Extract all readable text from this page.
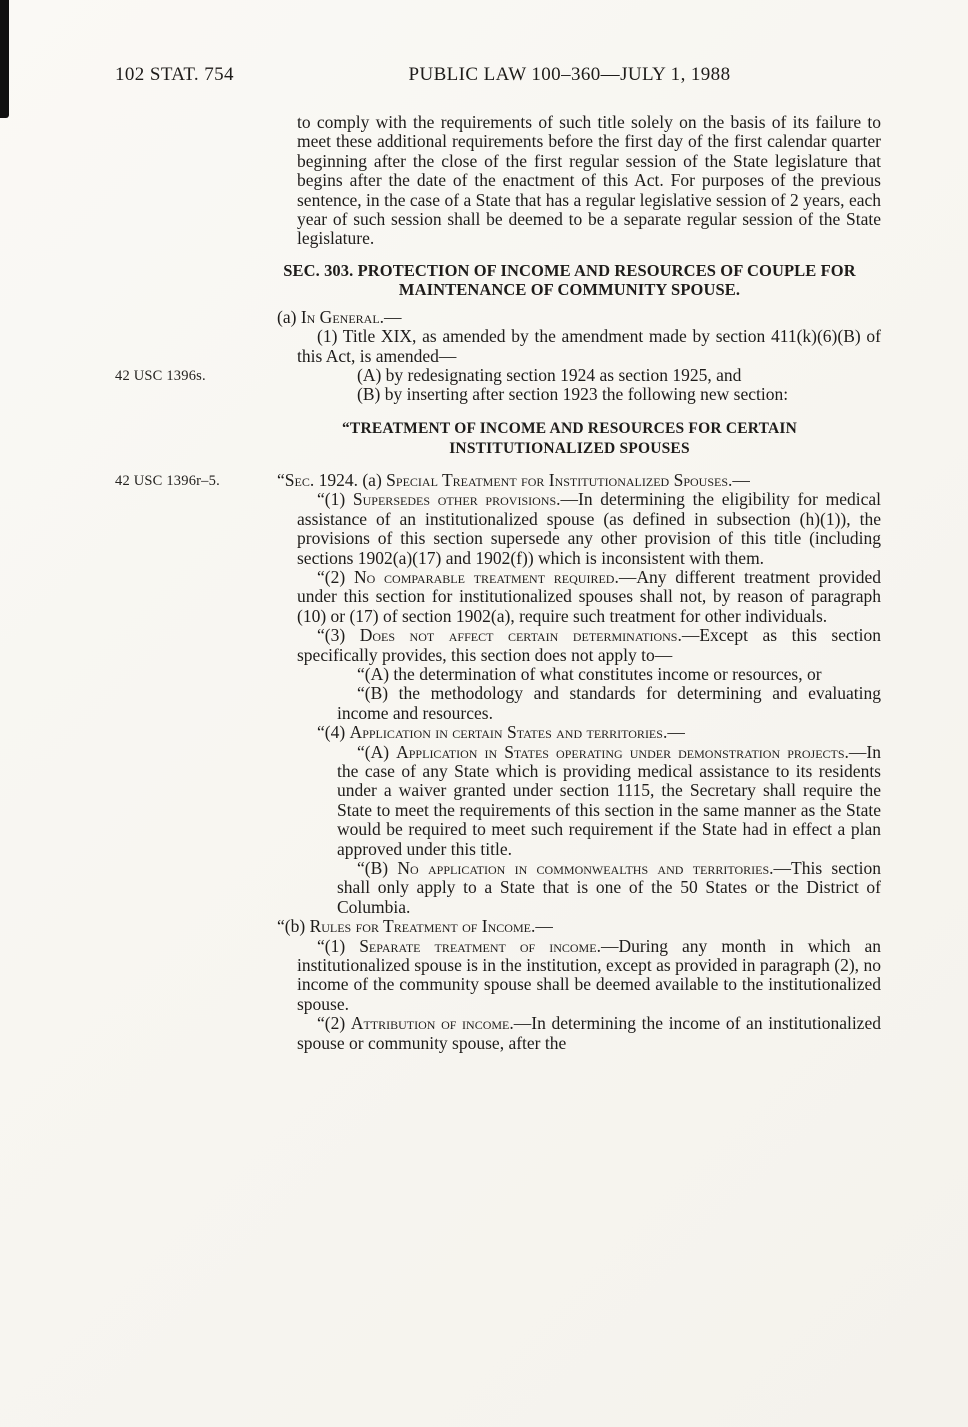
102 STAT. 754	PUBLIC LAW 100–360—JULY 1, 1988

to comply with the requirements of such title solely on the basis of its failure to meet these additional requirements before the first day of the first calendar quarter beginning after the close of the first regular session of the State legislature that begins after the date of the enactment of this Act. For purposes of the previous sentence, in the case of a State that has a regular legislative session of 2 years, each year of such session shall be deemed to be a separate regular session of the State legislature.

SEC. 303. PROTECTION OF INCOME AND RESOURCES OF COUPLE FOR MAINTENANCE OF COMMUNITY SPOUSE.

(a) In General.—

(1) Title XIX, as amended by the amendment made by section 411(k)(6)(B) of this Act, is amended—

42 USC 1396s.	(A) by redesignating section 1924 as section 1925, and

(B) by inserting after section 1923 the following new section:

“TREATMENT OF INCOME AND RESOURCES FOR CERTAIN
INSTITUTIONALIZED SPOUSES

42 USC 1396r–5.	“Sec. 1924. (a) Special Treatment for Institutionalized Spouses.—

“(1) Supersedes other provisions.—In determining the eligibility for medical assistance of an institutionalized spouse (as defined in subsection (h)(1)), the provisions of this section supersede any other provision of this title (including sections 1902(a)(17) and 1902(f)) which is inconsistent with them.

“(2) No comparable treatment required.—Any different treatment provided under this section for institutionalized spouses shall not, by reason of paragraph (10) or (17) of section 1902(a), require such treatment for other individuals.

“(3) Does not affect certain determinations.—Except as this section specifically provides, this section does not apply to—

“(A) the determination of what constitutes income or resources, or

“(B) the methodology and standards for determining and evaluating income and resources.

“(4) Application in certain States and territories.—

“(A) Application in States operating under demonstration projects.—In the case of any State which is providing medical assistance to its residents under a waiver granted under section 1115, the Secretary shall require the State to meet the requirements of this section in the same manner as the State would be required to meet such requirement if the State had in effect a plan approved under this title.

“(B) No application in commonwealths and territories.—This section shall only apply to a State that is one of the 50 States or the District of Columbia.

“(b) Rules for Treatment of Income.—

“(1) Separate treatment of income.—During any month in which an institutionalized spouse is in the institution, except as provided in paragraph (2), no income of the community spouse shall be deemed available to the institutionalized spouse.

“(2) Attribution of income.—In determining the income of an institutionalized spouse or community spouse, after the
